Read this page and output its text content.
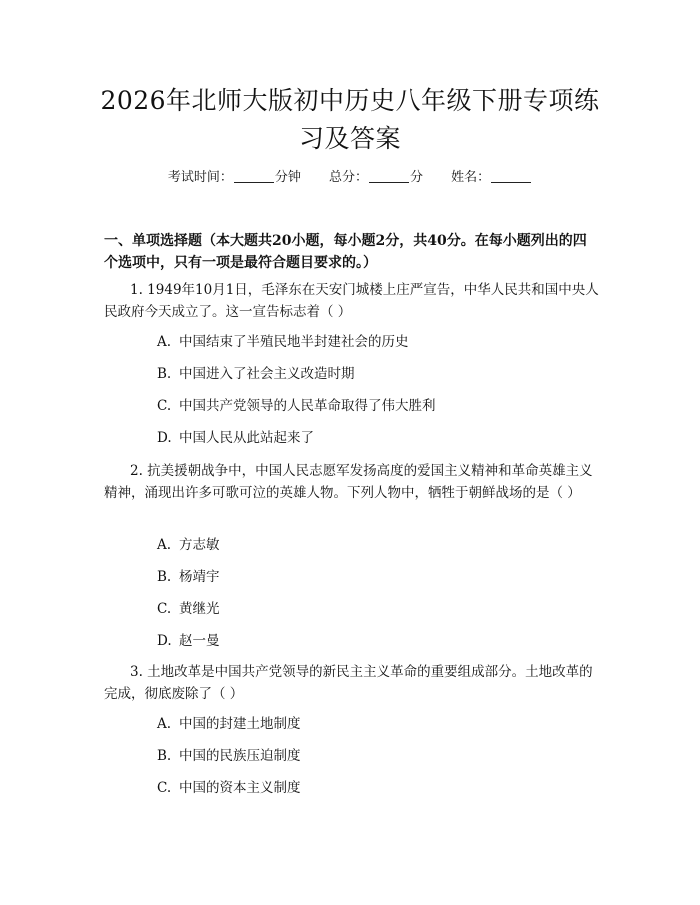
2026年北师大版初中历史八年级下册专项练习及答案
考试时间：	分钟 总分：	分 姓名：
一、单项选择题（本大题共20小题，每小题2分，共40分。在每小题列出的四个选项中，只有一项是最符合题目要求的。）
1. 1949年10月1日，毛泽东在天安门城楼上庄严宣告，中华人民共和国中央人民政府今天成立了。这一宣告标志着（ ）
A. 中国结束了半殖民地半封建社会的历史
B. 中国进入了社会主义改造时期
C. 中国共产党领导的人民革命取得了伟大胜利
D. 中国人民从此站起来了
2. 抗美援朝战争中，中国人民志愿军发扬高度的爱国主义精神和革命英雄主义精神，涌现出许多可歌可泣的英雄人物。下列人物中，牺牲于朝鲜战场的是（ ）
A. 方志敏
B. 杨靖宇
C. 黄继光
D. 赵一曼
3. 土地改革是中国共产党领导的新民主主义革命的重要组成部分。土地改革的完成，彻底废除了（ ）
A. 中国的封建土地制度
B. 中国的民族压迫制度
C. 中国的资本主义制度
